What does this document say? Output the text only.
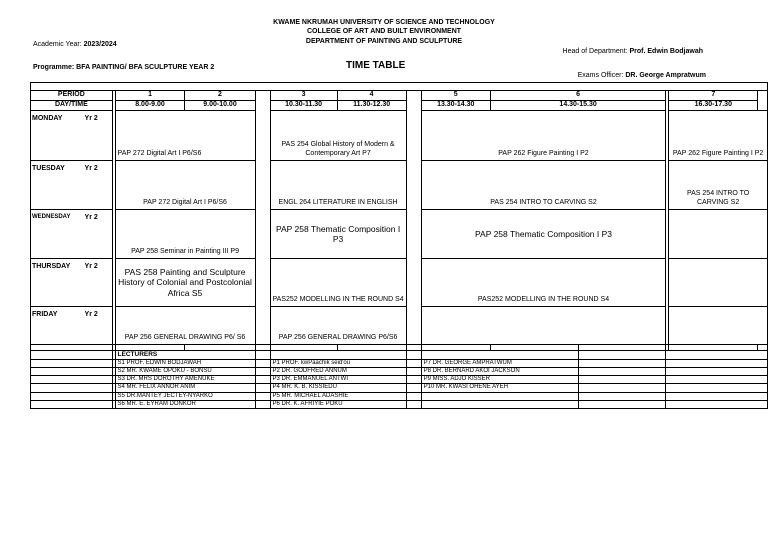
KWAME NKRUMAH UNIVERSITY OF SCIENCE AND TECHNOLOGY
COLLEGE OF ART AND BUILT ENVIRONMENT
DEPARTMENT OF PAINTING AND SCULPTURE
Academic Year: 2023/2024
Head of Department: Prof. Edwin Bodjawah
Programme: BFA PAINTING/ BFA SCULPTURE YEAR 2	TIME TABLE
Exams Officer: DR. George Ampratwum

PERIOD			1	2		3	4		5	6			7	
DAY/TIME			8.00-9.00	9.00-10.00		10.30-11.30	11.30-12.30		13.30-14.30	14.30-15.30			16.30-17.30	
MONDAY	Yr 2		PAP 272 Digital Art I P6/S6			PAS 254 Global History of Modern & Contemporary Art P7			PAP 262 Figure Painting I P2				PAP 262 Figure Painting I P2	
TUESDAY	Yr 2		PAP 272 Digital Art I P6/S6			ENGL 264 LITERATURE IN ENGLISH			PAS 254 INTRO TO CARVING S2				PAS 254 INTRO TO CARVING S2	
WEDNESDAY	Yr 2		PAP 258 Seminar in Painting III P9			PAP 258 Thematic Composition I P3			PAP 258 Thematic Composition I P3					
THURSDAY	Yr 2		PAS 258 Painting and Sculpture History of Colonial and Postcolonial Africa S5			PAS252 MODELLING IN THE ROUND S4			PAS252 MODELLING IN THE ROUND S4					
FRIDAY	Yr 2		PAP 256 GENERAL DRAWING P6/ S6			PAP 256 GENERAL DRAWING P6/S6								

			LECTURERS											
			S1 PROF. EDWIN BODJAWAH			P1 PROF. kwPaachik seid'ou			P7 DR. GEORGE AMPRATWUM					
			S2 MR. KWAME OPOKU - BONSU			P2 DR. GODFRED ANNUM			P8 DR. BERNARD AKOI JACKSON					
			S3 DR. MRS DOROTHY AMENUKE			P3 DR. EMMANUEL ANTWI			P9 MISS. ADJO KISSER					
			S4 MR. FELIX ANNOR ANIM			P4 MR. K. B. KISSIEDU			P10 MR. KWASI OHENE AYEH					
			S5 DR.MANTEY JECTEY-NYARKO			P5 MR. MICHAEL ADASHIE								
			S6 MR. E. EYRAM DONKOR			P6 DR. K. AFRIYIE POKU								
